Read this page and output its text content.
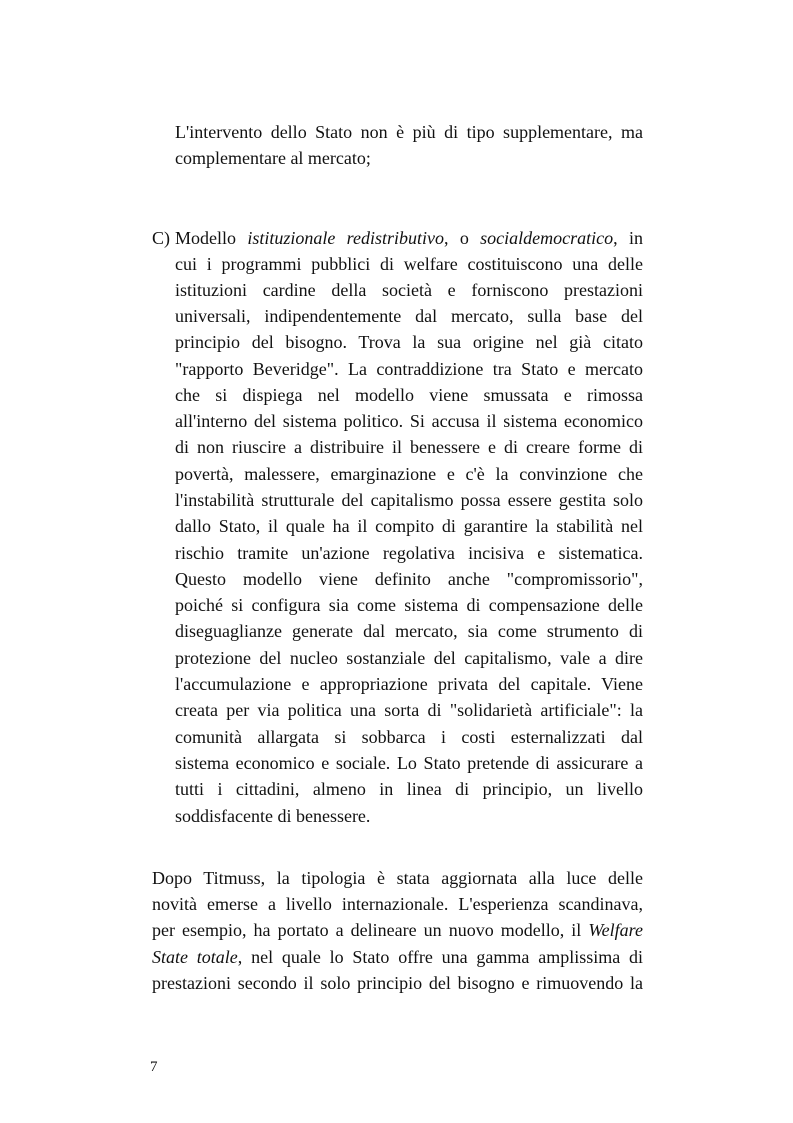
L'intervento dello Stato non è più di tipo supplementare, ma
complementare al mercato;
C) Modello istituzionale redistributivo, o socialdemocratico, in
cui i programmi pubblici di welfare costituiscono una delle
istituzioni cardine della società e forniscono prestazioni
universali, indipendentemente dal mercato, sulla base del
principio del bisogno. Trova la sua origine nel già citato
"rapporto Beveridge". La contraddizione tra Stato e mercato
che si dispiega nel modello viene smussata e rimossa
all'interno del sistema politico. Si accusa il sistema economico
di non riuscire a distribuire il benessere e di creare forme di
povertà, malessere, emarginazione e c'è la convinzione che
l'instabilità strutturale del capitalismo possa essere gestita solo
dallo Stato, il quale ha il compito di garantire la stabilità nel
rischio tramite un'azione regolativa incisiva e sistematica.
Questo modello viene definito anche "compromissorio",
poiché si configura sia come sistema di compensazione delle
diseguaglianze generate dal mercato, sia come strumento di
protezione del nucleo sostanziale del capitalismo, vale a dire
l'accumulazione e appropriazione privata del capitale. Viene
creata per via politica una sorta di "solidarietà artificiale": la
comunità allargata si sobbarca i costi esternalizzati dal
sistema economico e sociale. Lo Stato pretende di assicurare a
tutti i cittadini, almeno in linea di principio, un livello
soddisfacente di benessere.
Dopo Titmuss, la tipologia è stata aggiornata alla luce delle
novità emerse a livello internazionale. L'esperienza scandinava,
per esempio, ha portato a delineare un nuovo modello, il Welfare
State totale, nel quale lo Stato offre una gamma amplissima di
prestazioni secondo il solo principio del bisogno e rimuovendo la
7
